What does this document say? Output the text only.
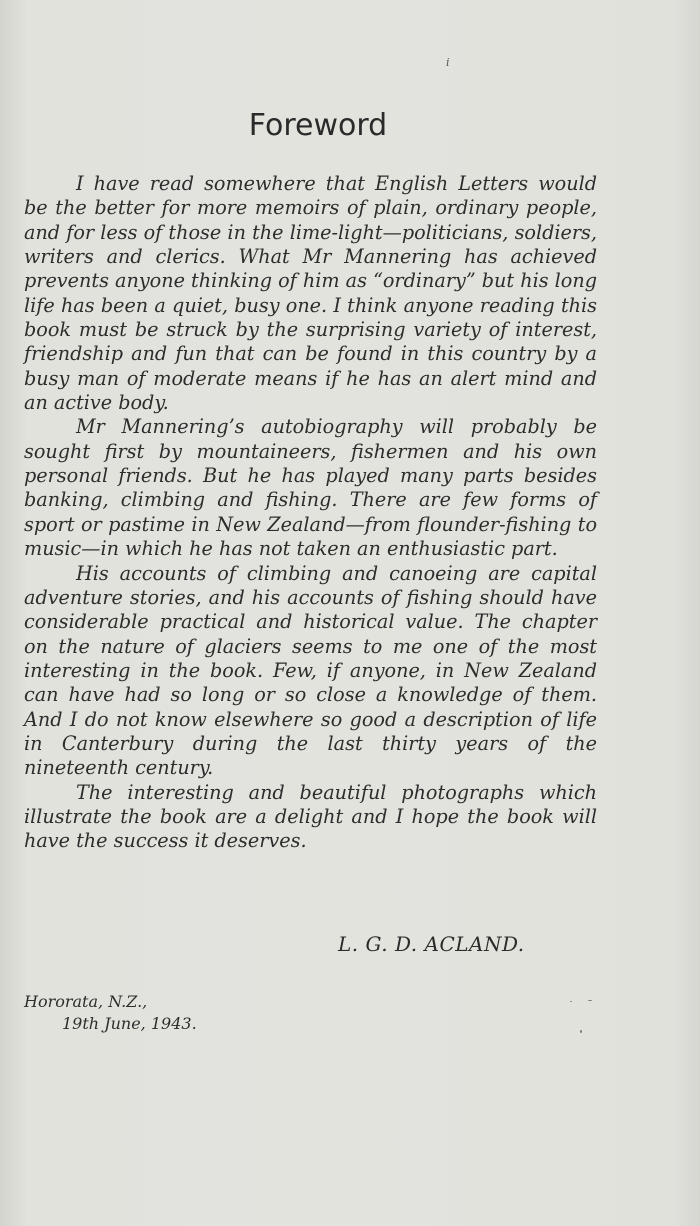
i
Foreword

I have read somewhere that English Letters would be the better for more memoirs of plain, ordinary people, and for less of those in the lime-light—politicians, soldiers, writers and clerics. What Mr Mannering has achieved prevents anyone thinking of him as “ordinary” but his long life has been a quiet, busy one. I think anyone reading this book must be struck by the surprising variety of interest, friendship and fun that can be found in this country by a busy man of moderate means if he has an alert mind and an active body.

Mr Mannering’s autobiography will probably be sought first by mountaineers, fishermen and his own personal friends. But he has played many parts besides banking, climbing and fishing. There are few forms of sport or pastime in New Zealand—from flounder-fishing to music—in which he has not taken an enthusiastic part.

His accounts of climbing and canoeing are capital adventure stories, and his accounts of fishing should have considerable practical and historical value. The chapter on the nature of glaciers seems to me one of the most interesting in the book. Few, if anyone, in New Zealand can have had so long or so close a knowledge of them. And I do not know elsewhere so good a description of life in Canterbury during the last thirty years of the nineteenth century.

The interesting and beautiful photographs which illustrate the book are a delight and I hope the book will have the success it deserves.

L. G. D. ACLAND.
Hororata, N.Z.,
19th June, 1943.
